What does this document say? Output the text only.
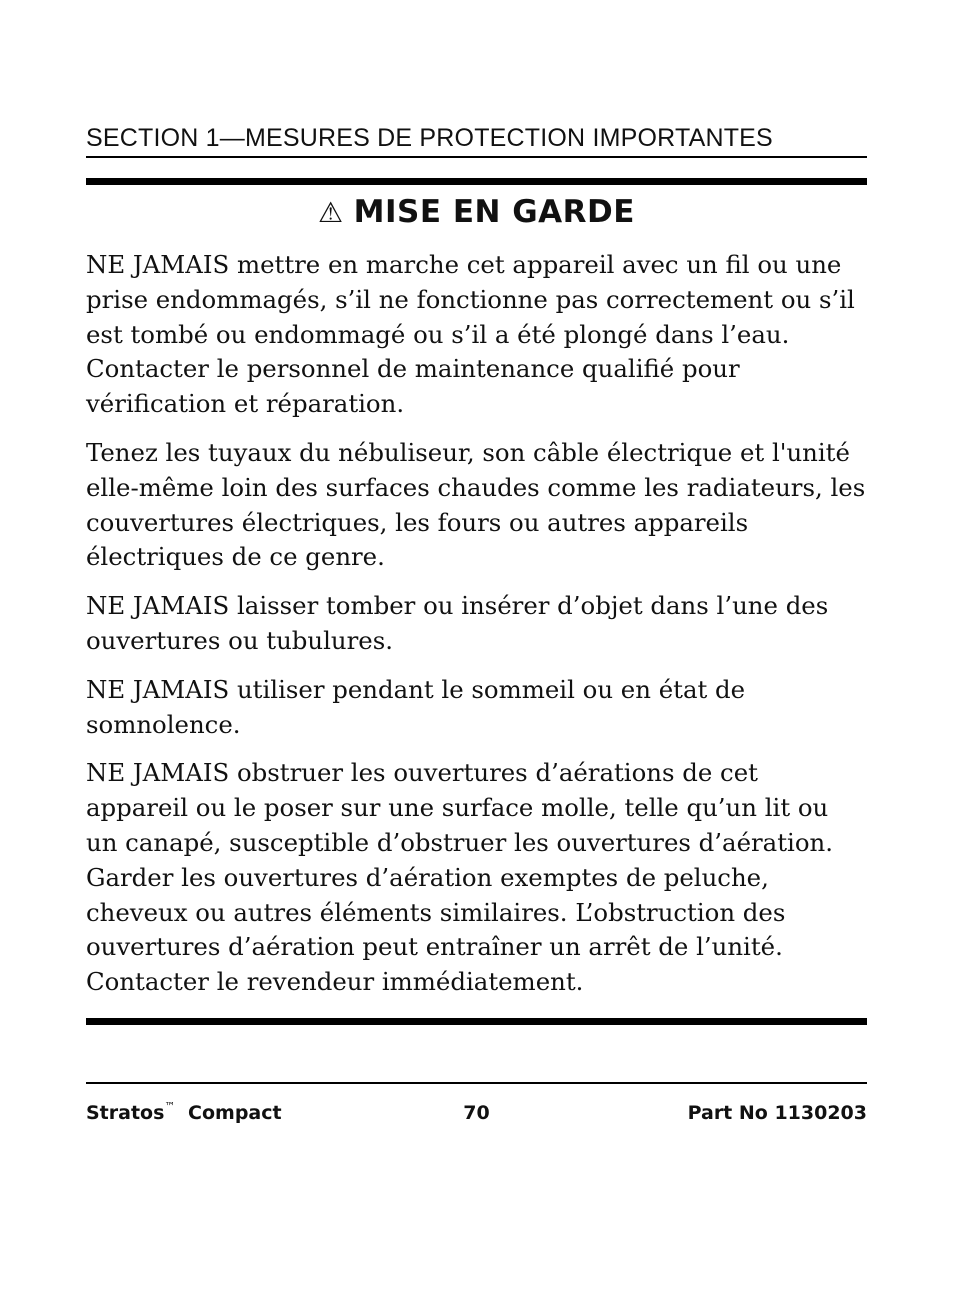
SECTION 1—MESURES DE PROTECTION IMPORTANTES
⚠ MISE EN GARDE

NE JAMAIS mettre en marche cet appareil avec un fil ou une prise endommagés, s’il ne fonctionne pas correctement ou s’il est tombé ou endommagé ou s’il a été plongé dans l’eau. Contacter le personnel de maintenance qualifié pour vérification et réparation.

Tenez les tuyaux du nébuliseur, son câble électrique et l'unité elle-même loin des surfaces chaudes comme les radiateurs, les couvertures électriques, les fours ou autres appareils électriques de ce genre.

NE JAMAIS laisser tomber ou insérer d’objet dans l’une des ouvertures ou tubulures.

NE JAMAIS utiliser pendant le sommeil ou en état de somnolence.

NE JAMAIS obstruer les ouvertures d’aérations de cet appareil ou le poser sur une surface molle, telle qu’un lit ou un canapé, susceptible d’obstruer les ouvertures d’aération. Garder les ouvertures d’aération exemptes de peluche, cheveux ou autres éléments similaires. L’obstruction des ouvertures d’aération peut entraîner un arrêt de l’unité. Contacter le revendeur immédiatement.

Stratos™ Compact	70	Part No 1130203
